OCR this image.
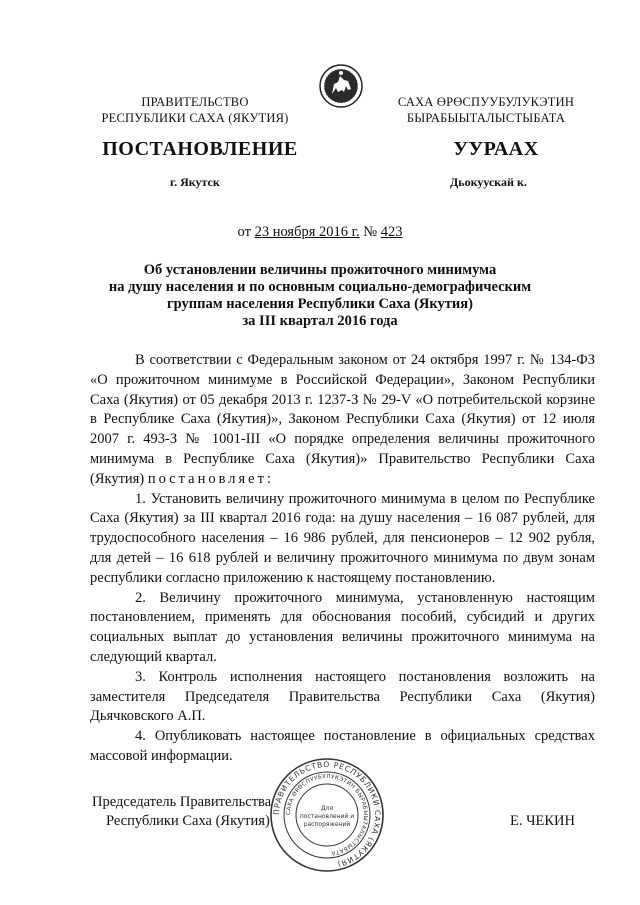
ПРАВИТЕЛЬСТВО
РЕСПУБЛИКИ САХА (ЯКУТИЯ)
САХА ӨРӨСПУУБУЛУКЭТИН
БЫРАБЫЫТАЛЫСТЫБАТА
ПОСТАНОВЛЕНИЕ	УУРААХ
г. Якутск	Дьокуускай к.
от 23 ноября 2016 г. № 423
Об установлении величины прожиточного минимума
на душу населения и по основным социально-демографическим
группам населения Республики Саха (Якутия)
за III квартал 2016 года

В соответствии с Федеральным законом от 24 октября 1997 г. № 134-ФЗ «О прожиточном минимуме в Российской Федерации», Законом Республики Саха (Якутия) от 05 декабря 2013 г. 1237-З № 29-V «О потребительской корзине в Республике Саха (Якутия)», Законом Республики Саха (Якутия) от 12 июля 2007 г. 493-З № 1001-III «О порядке определения величины прожиточного минимума в Республике Саха (Якутия)» Правительство Республики Саха (Якутия) постановляет:

1. Установить величину прожиточного минимума в целом по Республике Саха (Якутия) за III квартал 2016 года: на душу населения – 16 087 рублей, для трудоспособного населения – 16 986 рублей, для пенсионеров – 12 902 рубля, для детей – 16 618 рублей и величину прожиточного минимума по двум зонам республики согласно приложению к настоящему постановлению.

2. Величину прожиточного минимума, установленную настоящим постановлением, применять для обоснования пособий, субсидий и других социальных выплат до установления величины прожиточного минимума на следующий квартал.

3. Контроль исполнения настоящего постановления возложить на заместителя Председателя Правительства Республики Саха (Якутия) Дьячковского А.П.

4. Опубликовать настоящее постановление в официальных средствах массовой информации.

Председатель Правительства
Республики Саха (Якутия)	Е. ЧЕКИН
ПРАВИТЕЛЬСТВО РЕСПУБЛИКИ САХА (ЯКУТИЯ)
САХА ӨРӨСПУУБУЛУКЭТИН БЫРАБЫЫТАЛЫСТЫБАТА
Для
постановлений и
распоряжений
